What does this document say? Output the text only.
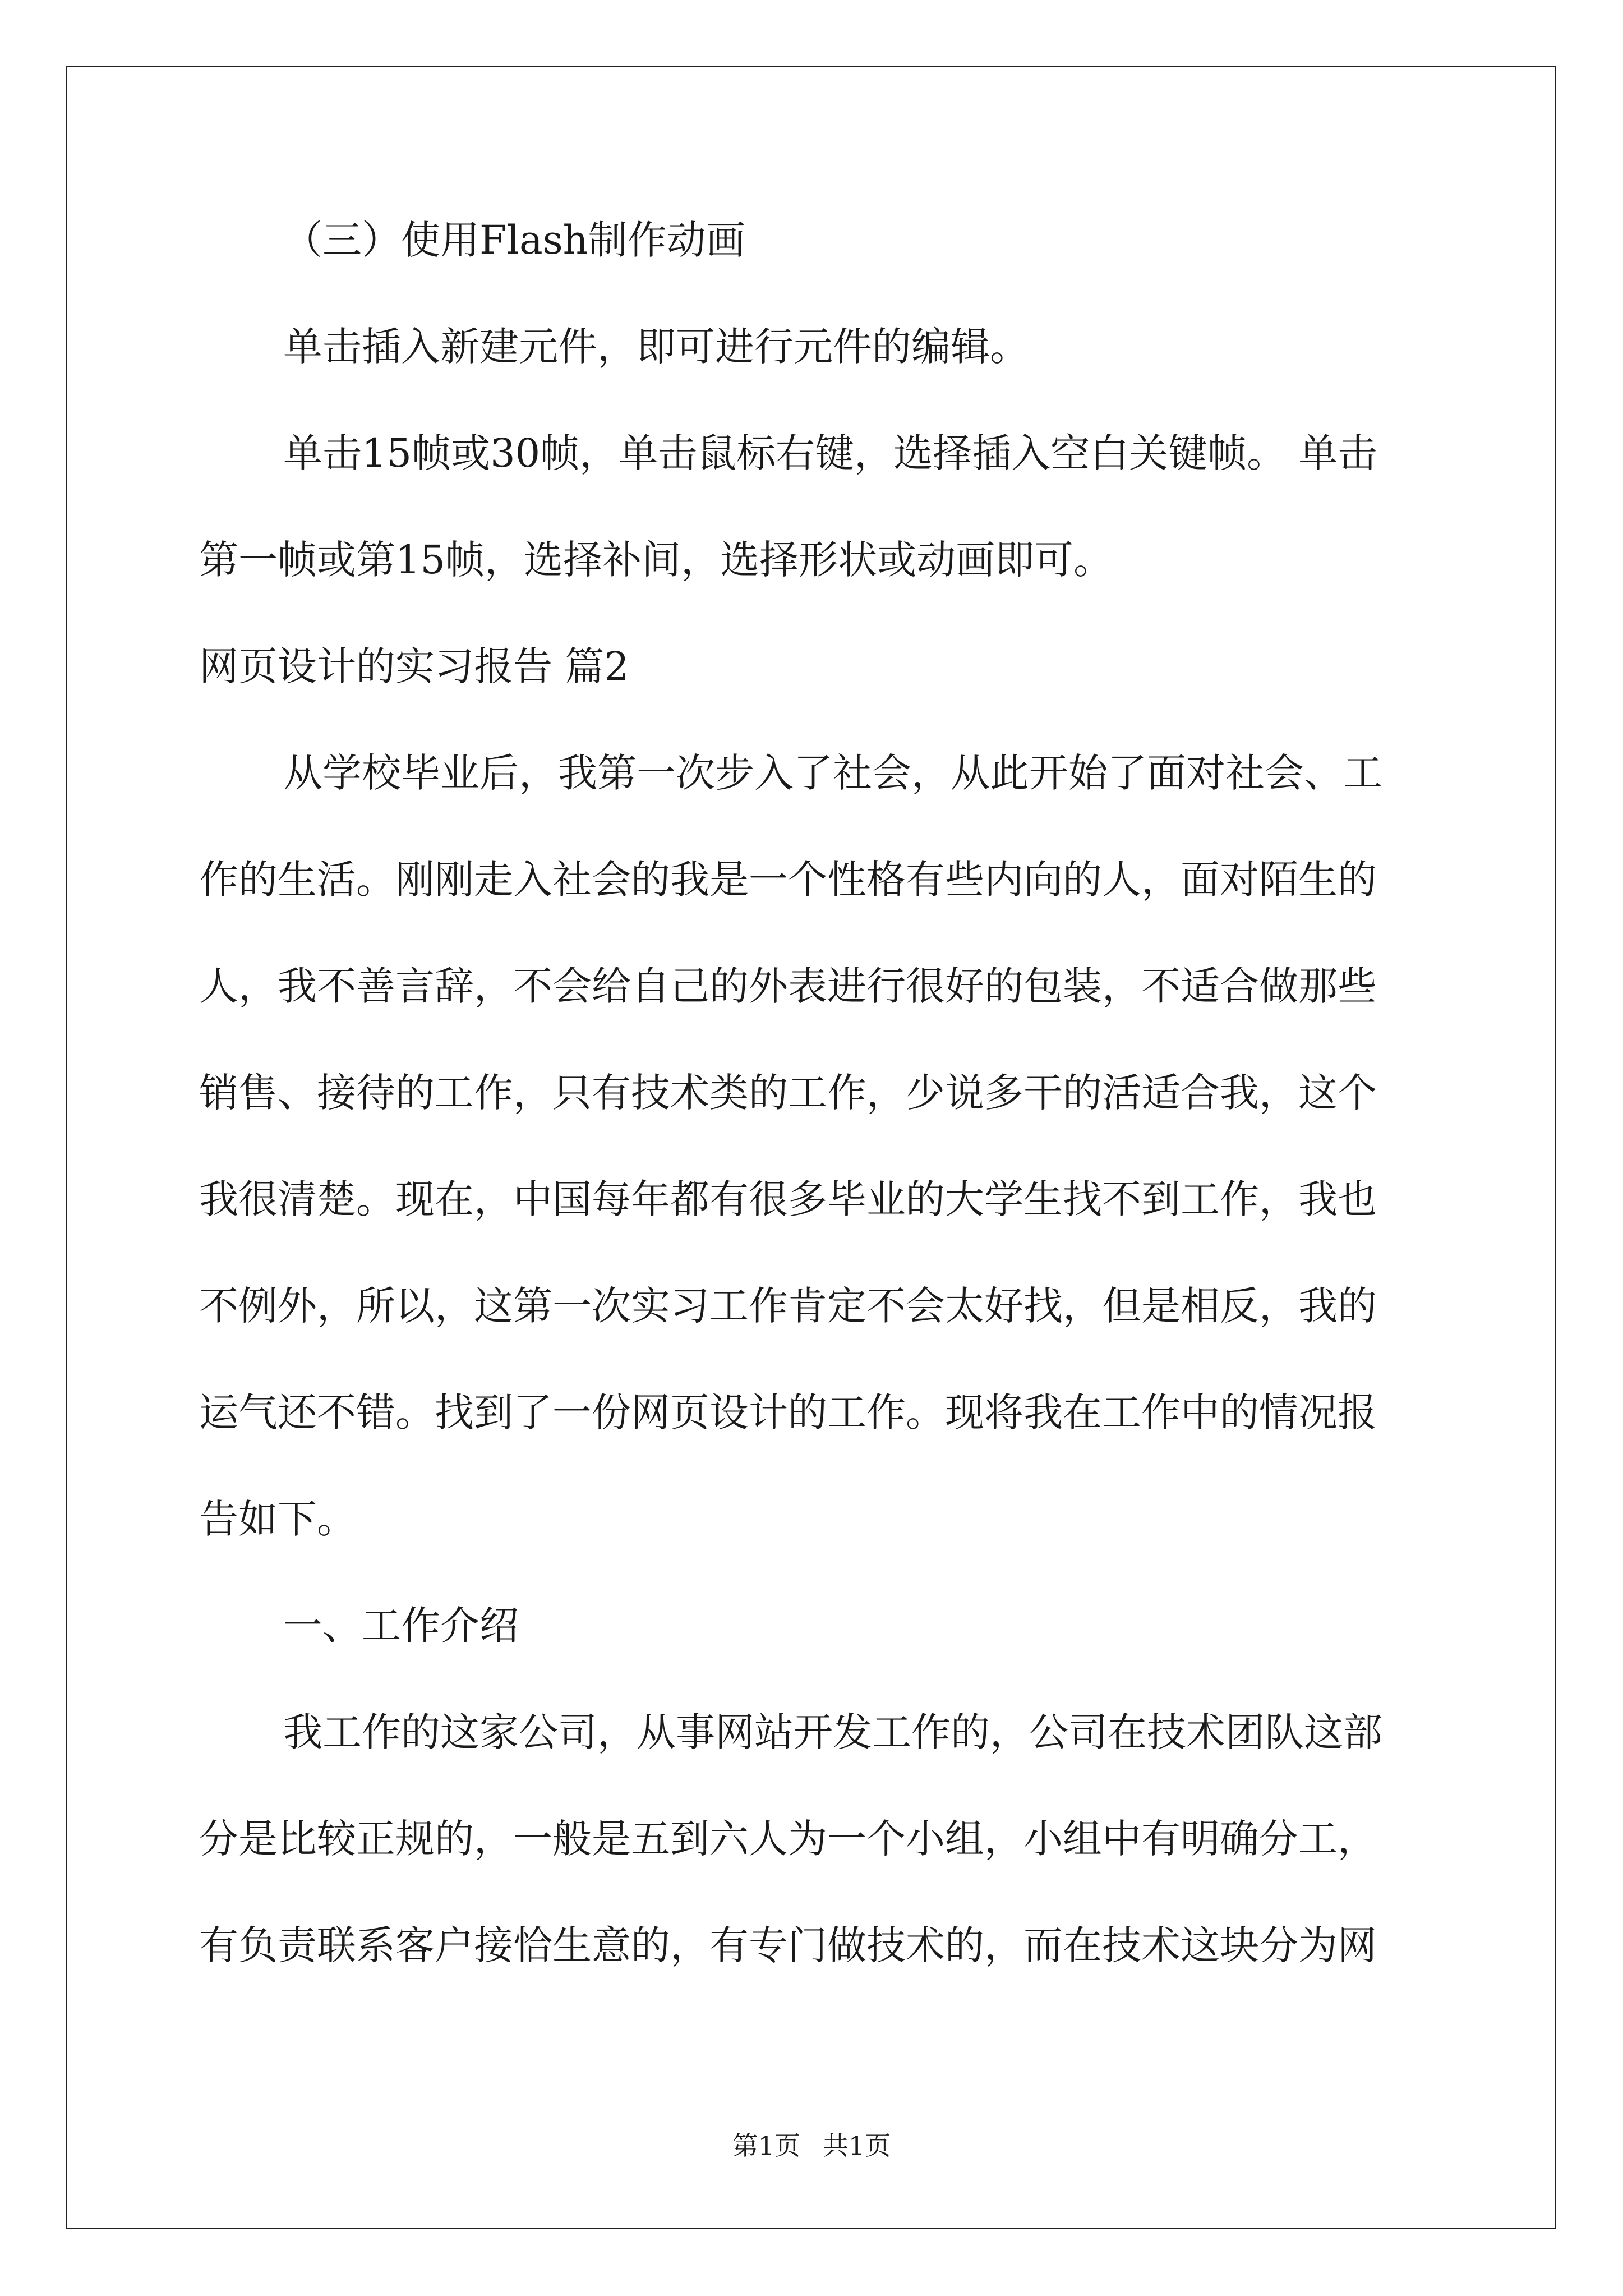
（三）使用Flash制作动画
单击插入新建元件，即可进行元件的编辑。
单击15帧或30帧，单击鼠标右键，选择插入空白关键帧。 单击
第一帧或第15帧，选择补间，选择形状或动画即可。
网页设计的实习报告 篇2
从学校毕业后，我第一次步入了社会，从此开始了面对社会、工
作的生活。刚刚走入社会的我是一个性格有些内向的人，面对陌生的
人，我不善言辞，不会给自己的外表进行很好的包装，不适合做那些
销售、接待的工作，只有技术类的工作，少说多干的活适合我，这个
我很清楚。现在，中国每年都有很多毕业的大学生找不到工作，我也
不例外，所以，这第一次实习工作肯定不会太好找，但是相反，我的
运气还不错。找到了一份网页设计的工作。现将我在工作中的情况报
告如下。
一、工作介绍
我工作的这家公司，从事网站开发工作的，公司在技术团队这部
分是比较正规的，一般是五到六人为一个小组，小组中有明确分工，
有负责联系客户接恰生意的，有专门做技术的，而在技术这块分为网
第1页 共1页
